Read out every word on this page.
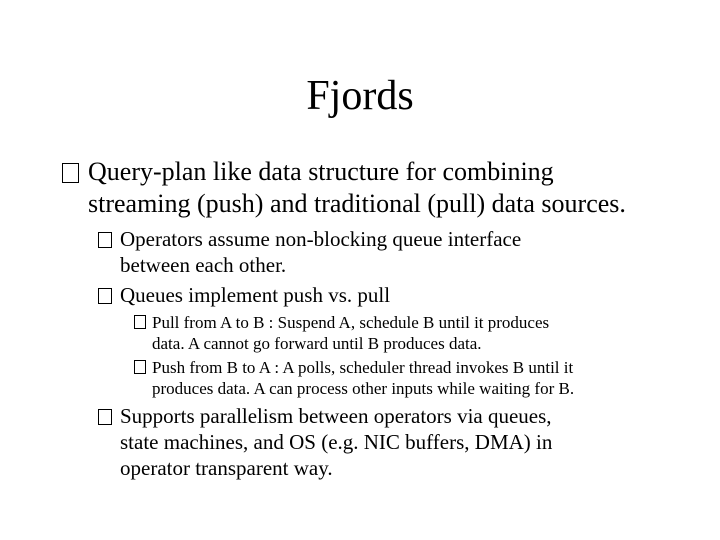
Fjords
Query-plan like data structure for combining
streaming (push) and traditional (pull) data sources.
Operators assume non-blocking queue interface
between each other.
Queues implement push vs. pull
Pull from A to B : Suspend A, schedule B until it produces
data. A cannot go forward until B produces data.
Push from B to A : A polls, scheduler thread invokes B until it
produces data. A can process other inputs while waiting for B.
Supports parallelism between operators via queues,
state machines, and OS (e.g. NIC buffers, DMA) in
operator transparent way.
